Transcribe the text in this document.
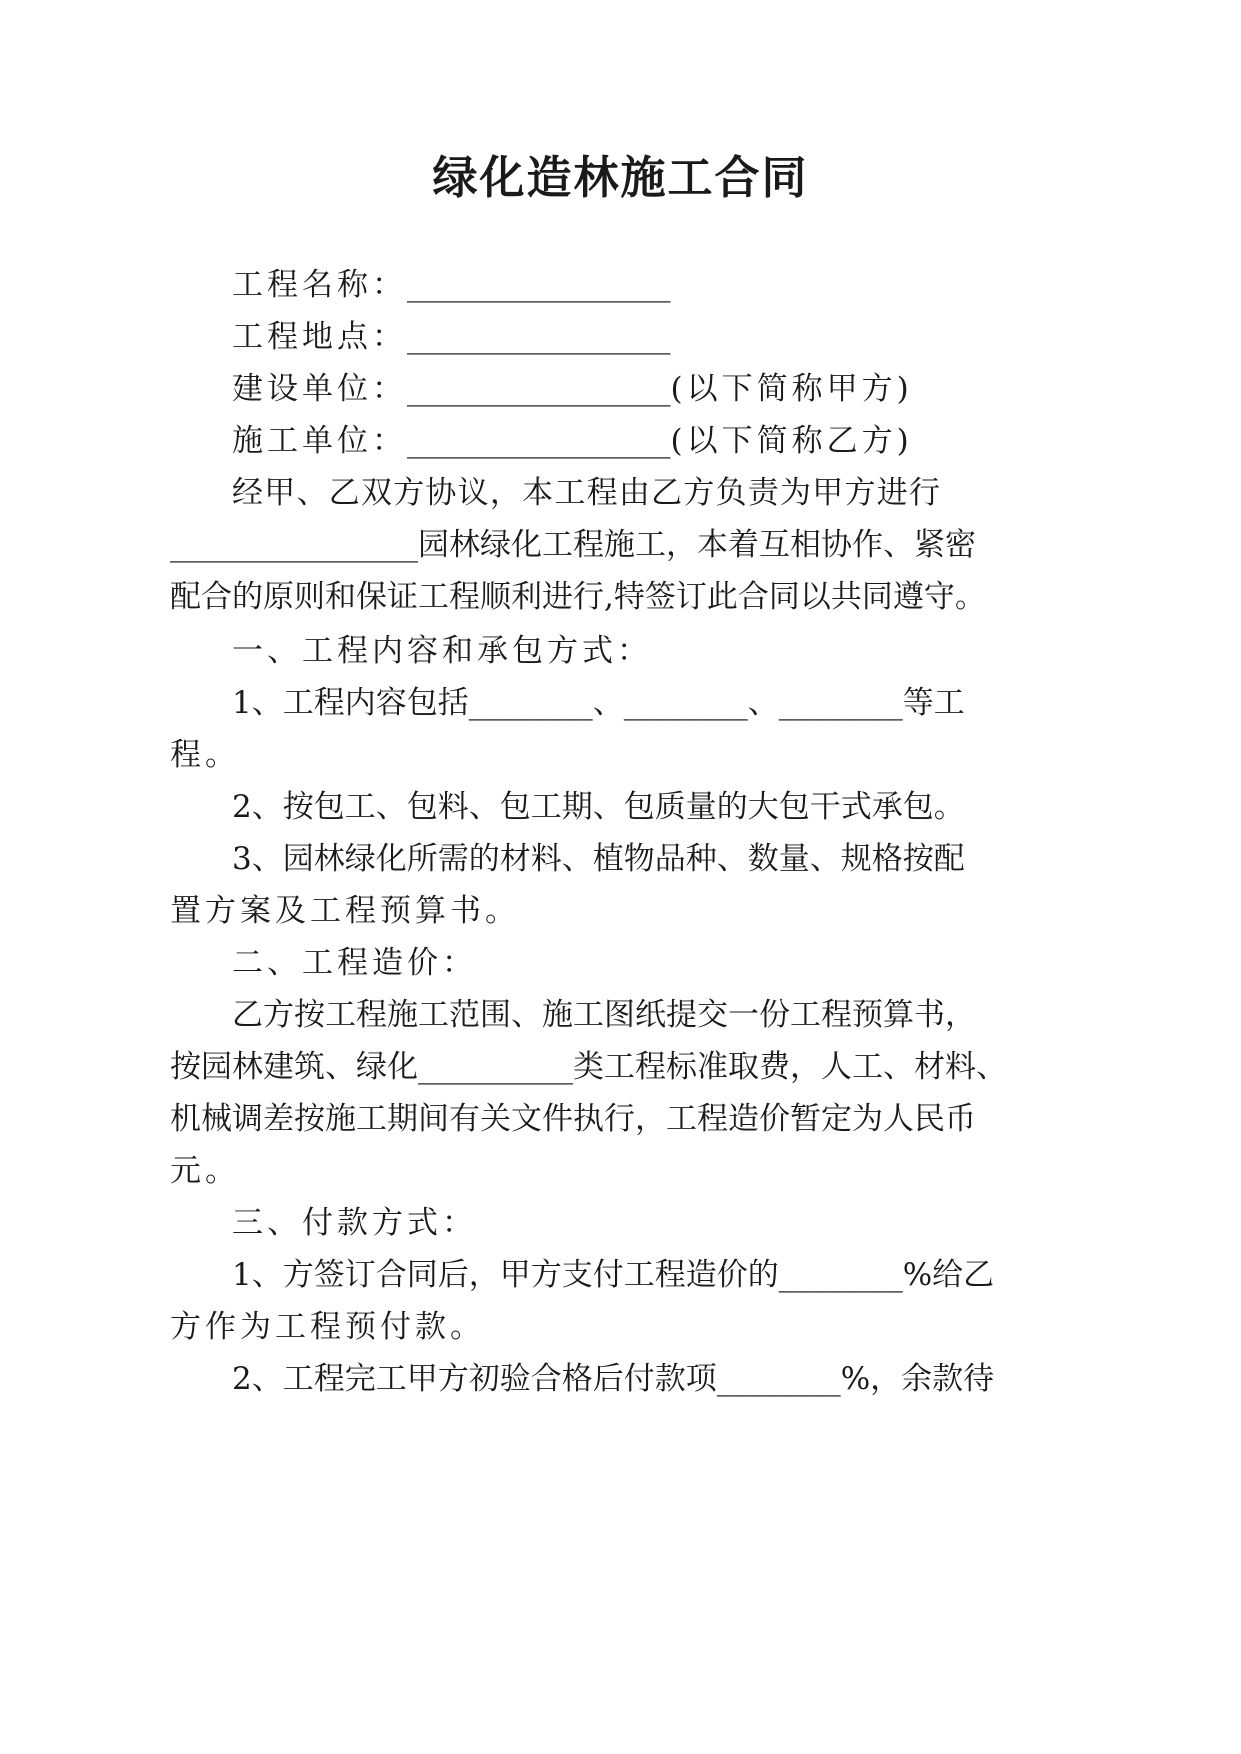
绿化造林施工合同
工程名称：_________________
工程地点：_________________
建设单位：_________________(以下简称甲方)
施工单位：_________________(以下简称乙方)
经甲、乙双方协议，本工程由乙方负责为甲方进行
________________园林绿化工程施工，本着互相协作、紧密
配合的原则和保证工程顺利进行,特签订此合同以共同遵守。
一、工程内容和承包方式：
1、工程内容包括________、________、________等工
程。
2、按包工、包料、包工期、包质量的大包干式承包。
3、园林绿化所需的材料、植物品种、数量、规格按配
置方案及工程预算书。
二、工程造价：
乙方按工程施工范围、施工图纸提交一份工程预算书，
按园林建筑、绿化__________类工程标准取费，人工、材料、
机械调差按施工期间有关文件执行，工程造价暂定为人民币
元。
三、付款方式：
1、方签订合同后，甲方支付工程造价的________%给乙
方作为工程预付款。
2、工程完工甲方初验合格后付款项________%，余款待
